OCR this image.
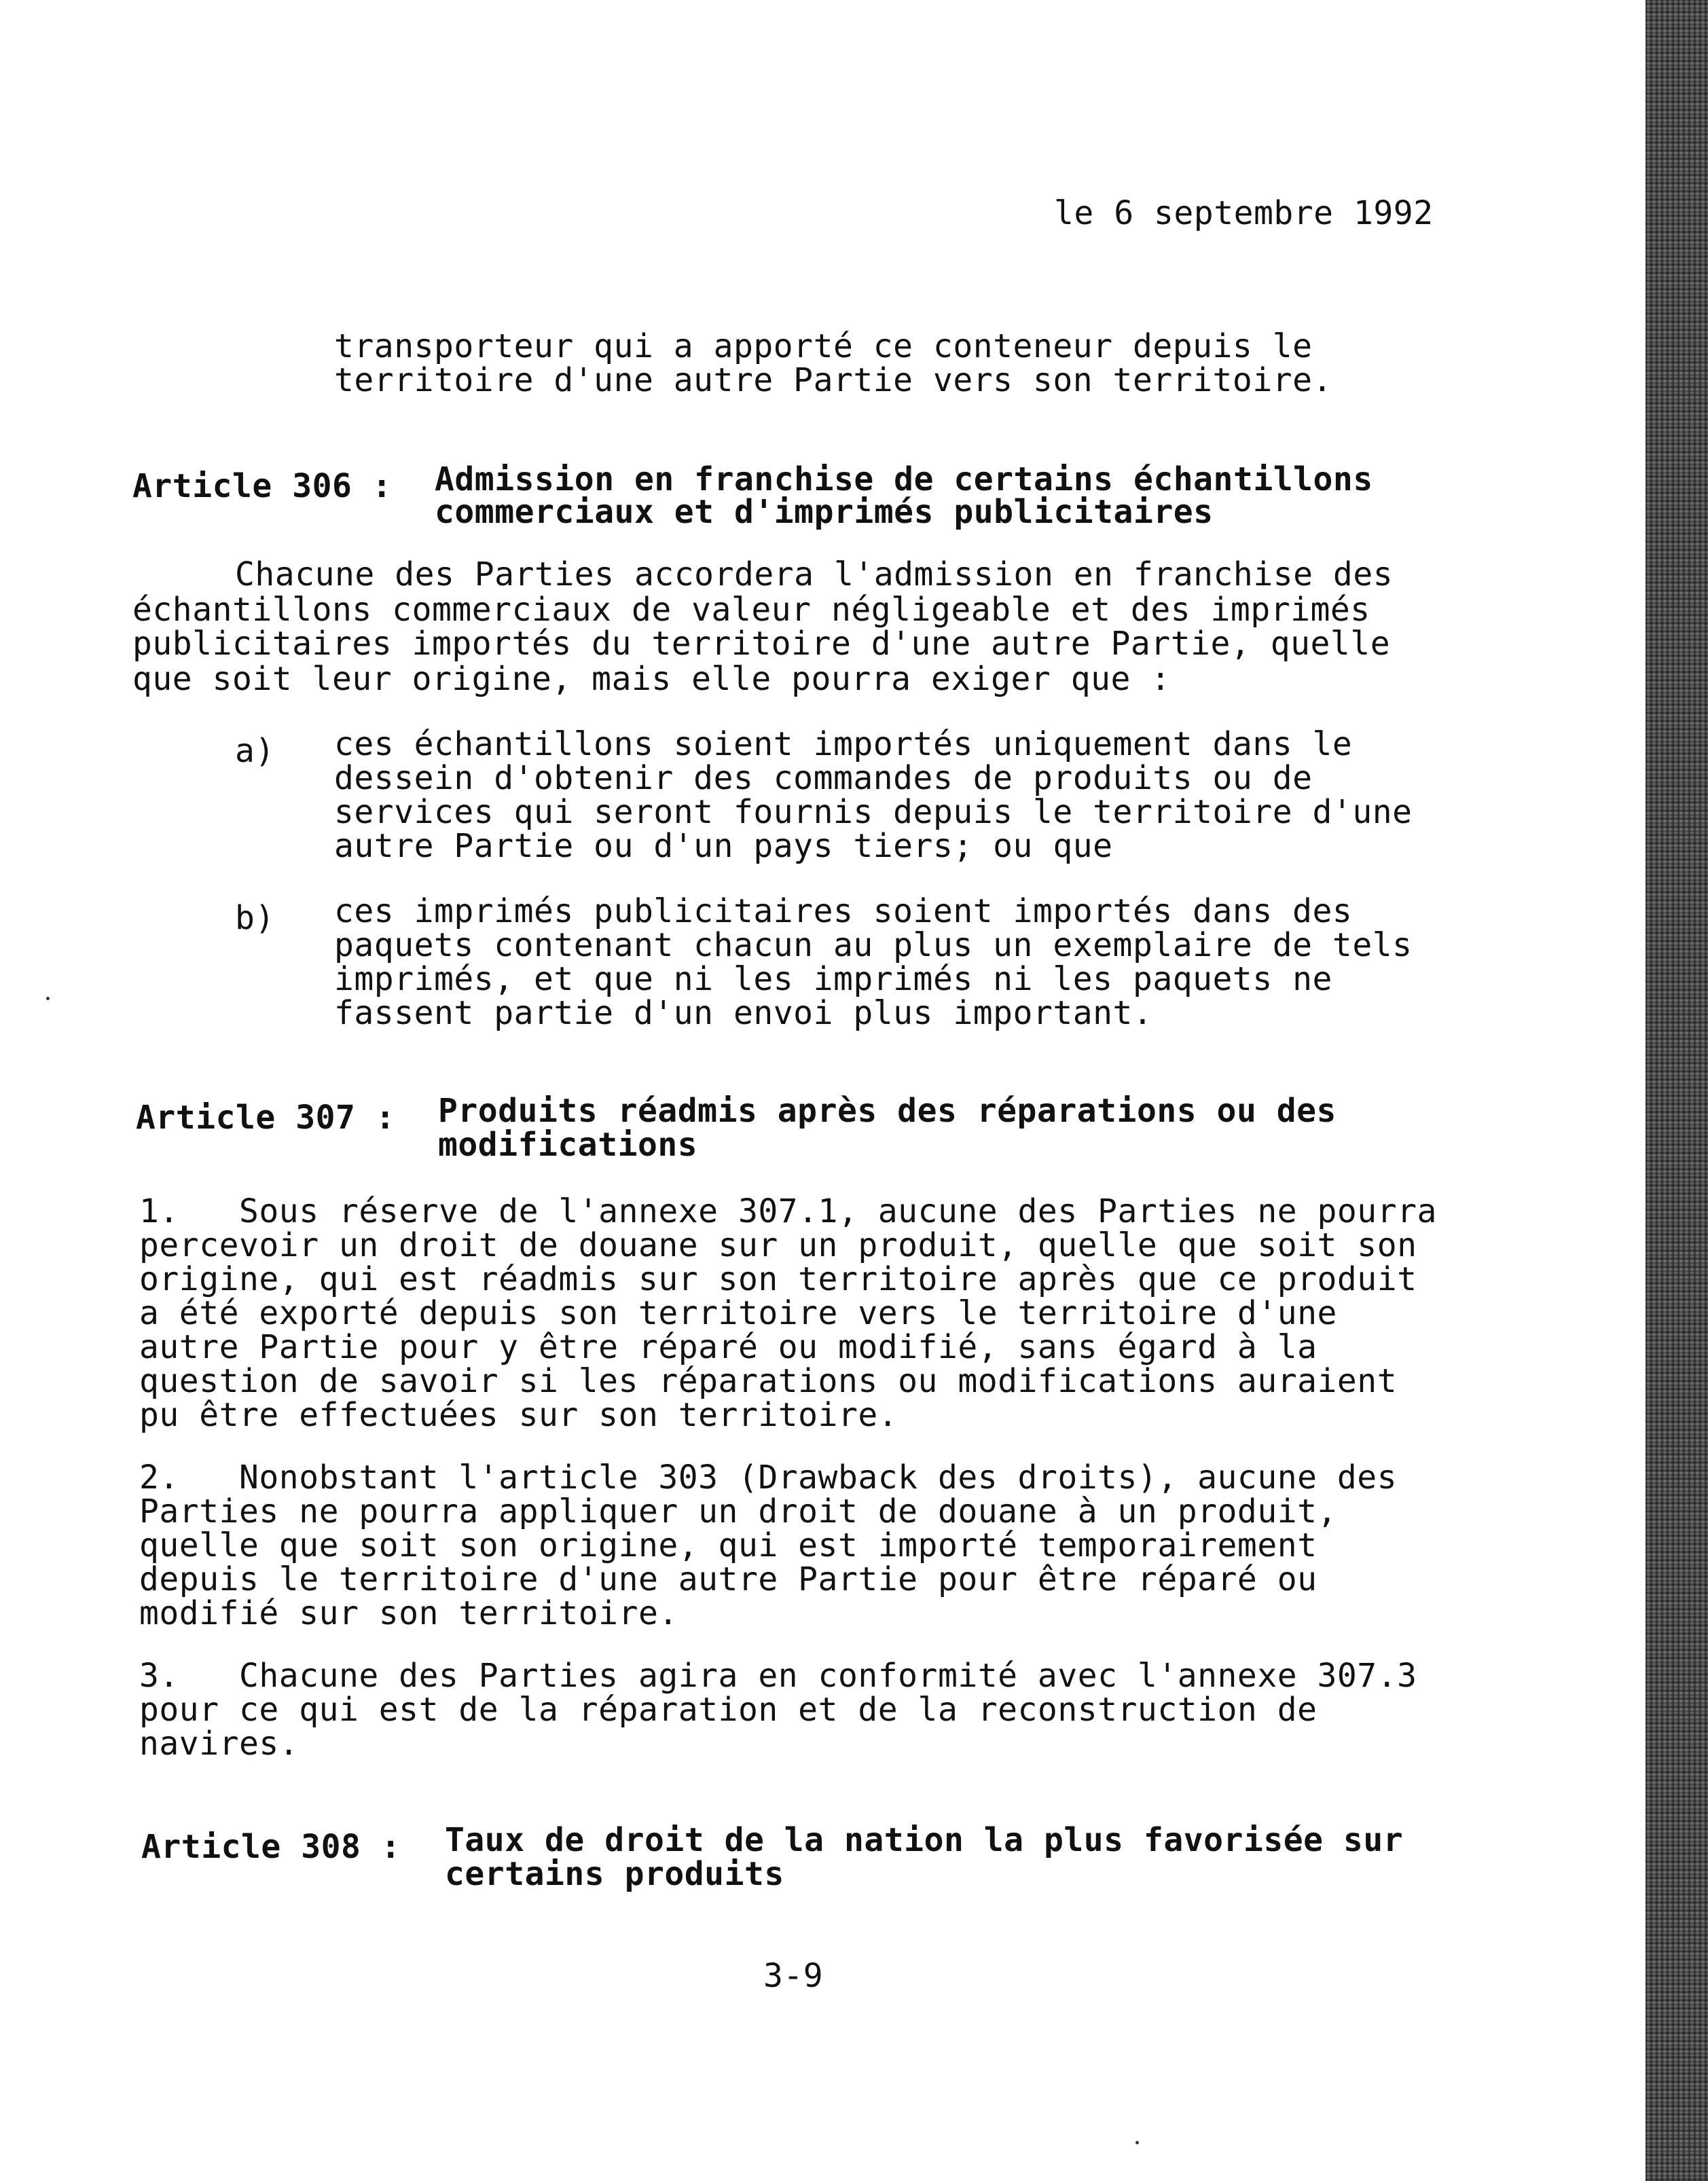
le 6 septembre 1992
transporteur qui a apporté ce conteneur depuis le
territoire d'une autre Partie vers son territoire.
Article 306 : Admission en franchise de certains échantillons
commerciaux et d'imprimés publicitaires
Chacune des Parties accordera l'admission en franchise des
échantillons commerciaux de valeur négligeable et des imprimés
publicitaires importés du territoire d'une autre Partie, quelle
que soit leur origine, mais elle pourra exiger que :
a) ces échantillons soient importés uniquement dans le
dessein d'obtenir des commandes de produits ou de
services qui seront fournis depuis le territoire d'une
autre Partie ou d'un pays tiers; ou que
b) ces imprimés publicitaires soient importés dans des
paquets contenant chacun au plus un exemplaire de tels
imprimés, et que ni les imprimés ni les paquets ne
fassent partie d'un envoi plus important.
Article 307 : Produits réadmis après des réparations ou des
modifications
1.   Sous réserve de l'annexe 307.1, aucune des Parties ne pourra
percevoir un droit de douane sur un produit, quelle que soit son
origine, qui est réadmis sur son territoire après que ce produit
a été exporté depuis son territoire vers le territoire d'une
autre Partie pour y être réparé ou modifié, sans égard à la
question de savoir si les réparations ou modifications auraient
pu être effectuées sur son territoire.
2.   Nonobstant l'article 303 (Drawback des droits), aucune des
Parties ne pourra appliquer un droit de douane à un produit,
quelle que soit son origine, qui est importé temporairement
depuis le territoire d'une autre Partie pour être réparé ou
modifié sur son territoire.
3.   Chacune des Parties agira en conformité avec l'annexe 307.3
pour ce qui est de la réparation et de la reconstruction de
navires.
Article 308 : Taux de droit de la nation la plus favorisée sur
certains produits
3-9
